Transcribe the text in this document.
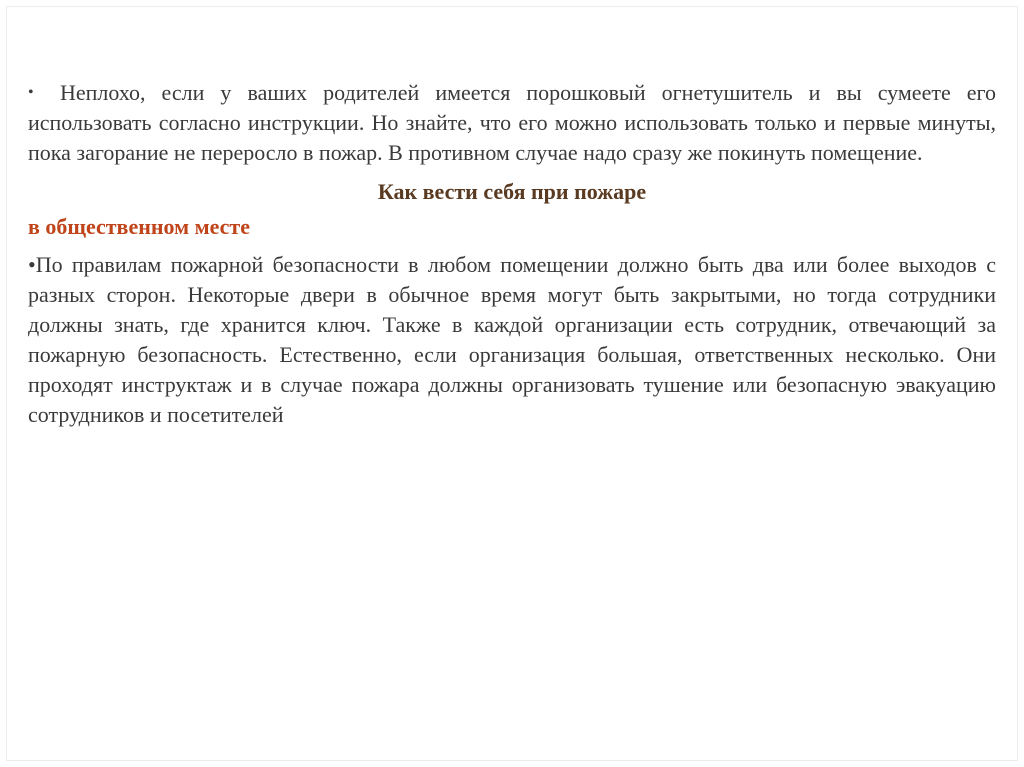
• Неплохо, если у ваших родителей имеется порошковый огнетушитель и вы сумеете его использовать согласно инструкции. Но знайте, что его можно использовать только и первые минуты, пока загорание не переросло в пожар. В противном случае надо сразу же покинуть помещение.

Как вести себя при пожаре

в общественном месте

•По правилам пожарной безопасности в любом помещении должно быть два или более выходов с разных сторон. Некоторые двери в обычное время могут быть закрытыми, но тогда сотрудники должны знать, где хранится ключ. Также в каждой организации есть сотрудник, отвечающий за пожарную безопасность. Естественно, если организация большая, ответственных несколько. Они проходят инструктаж и в случае пожара должны организовать тушение или безопасную эвакуацию сотрудников и посетителей
